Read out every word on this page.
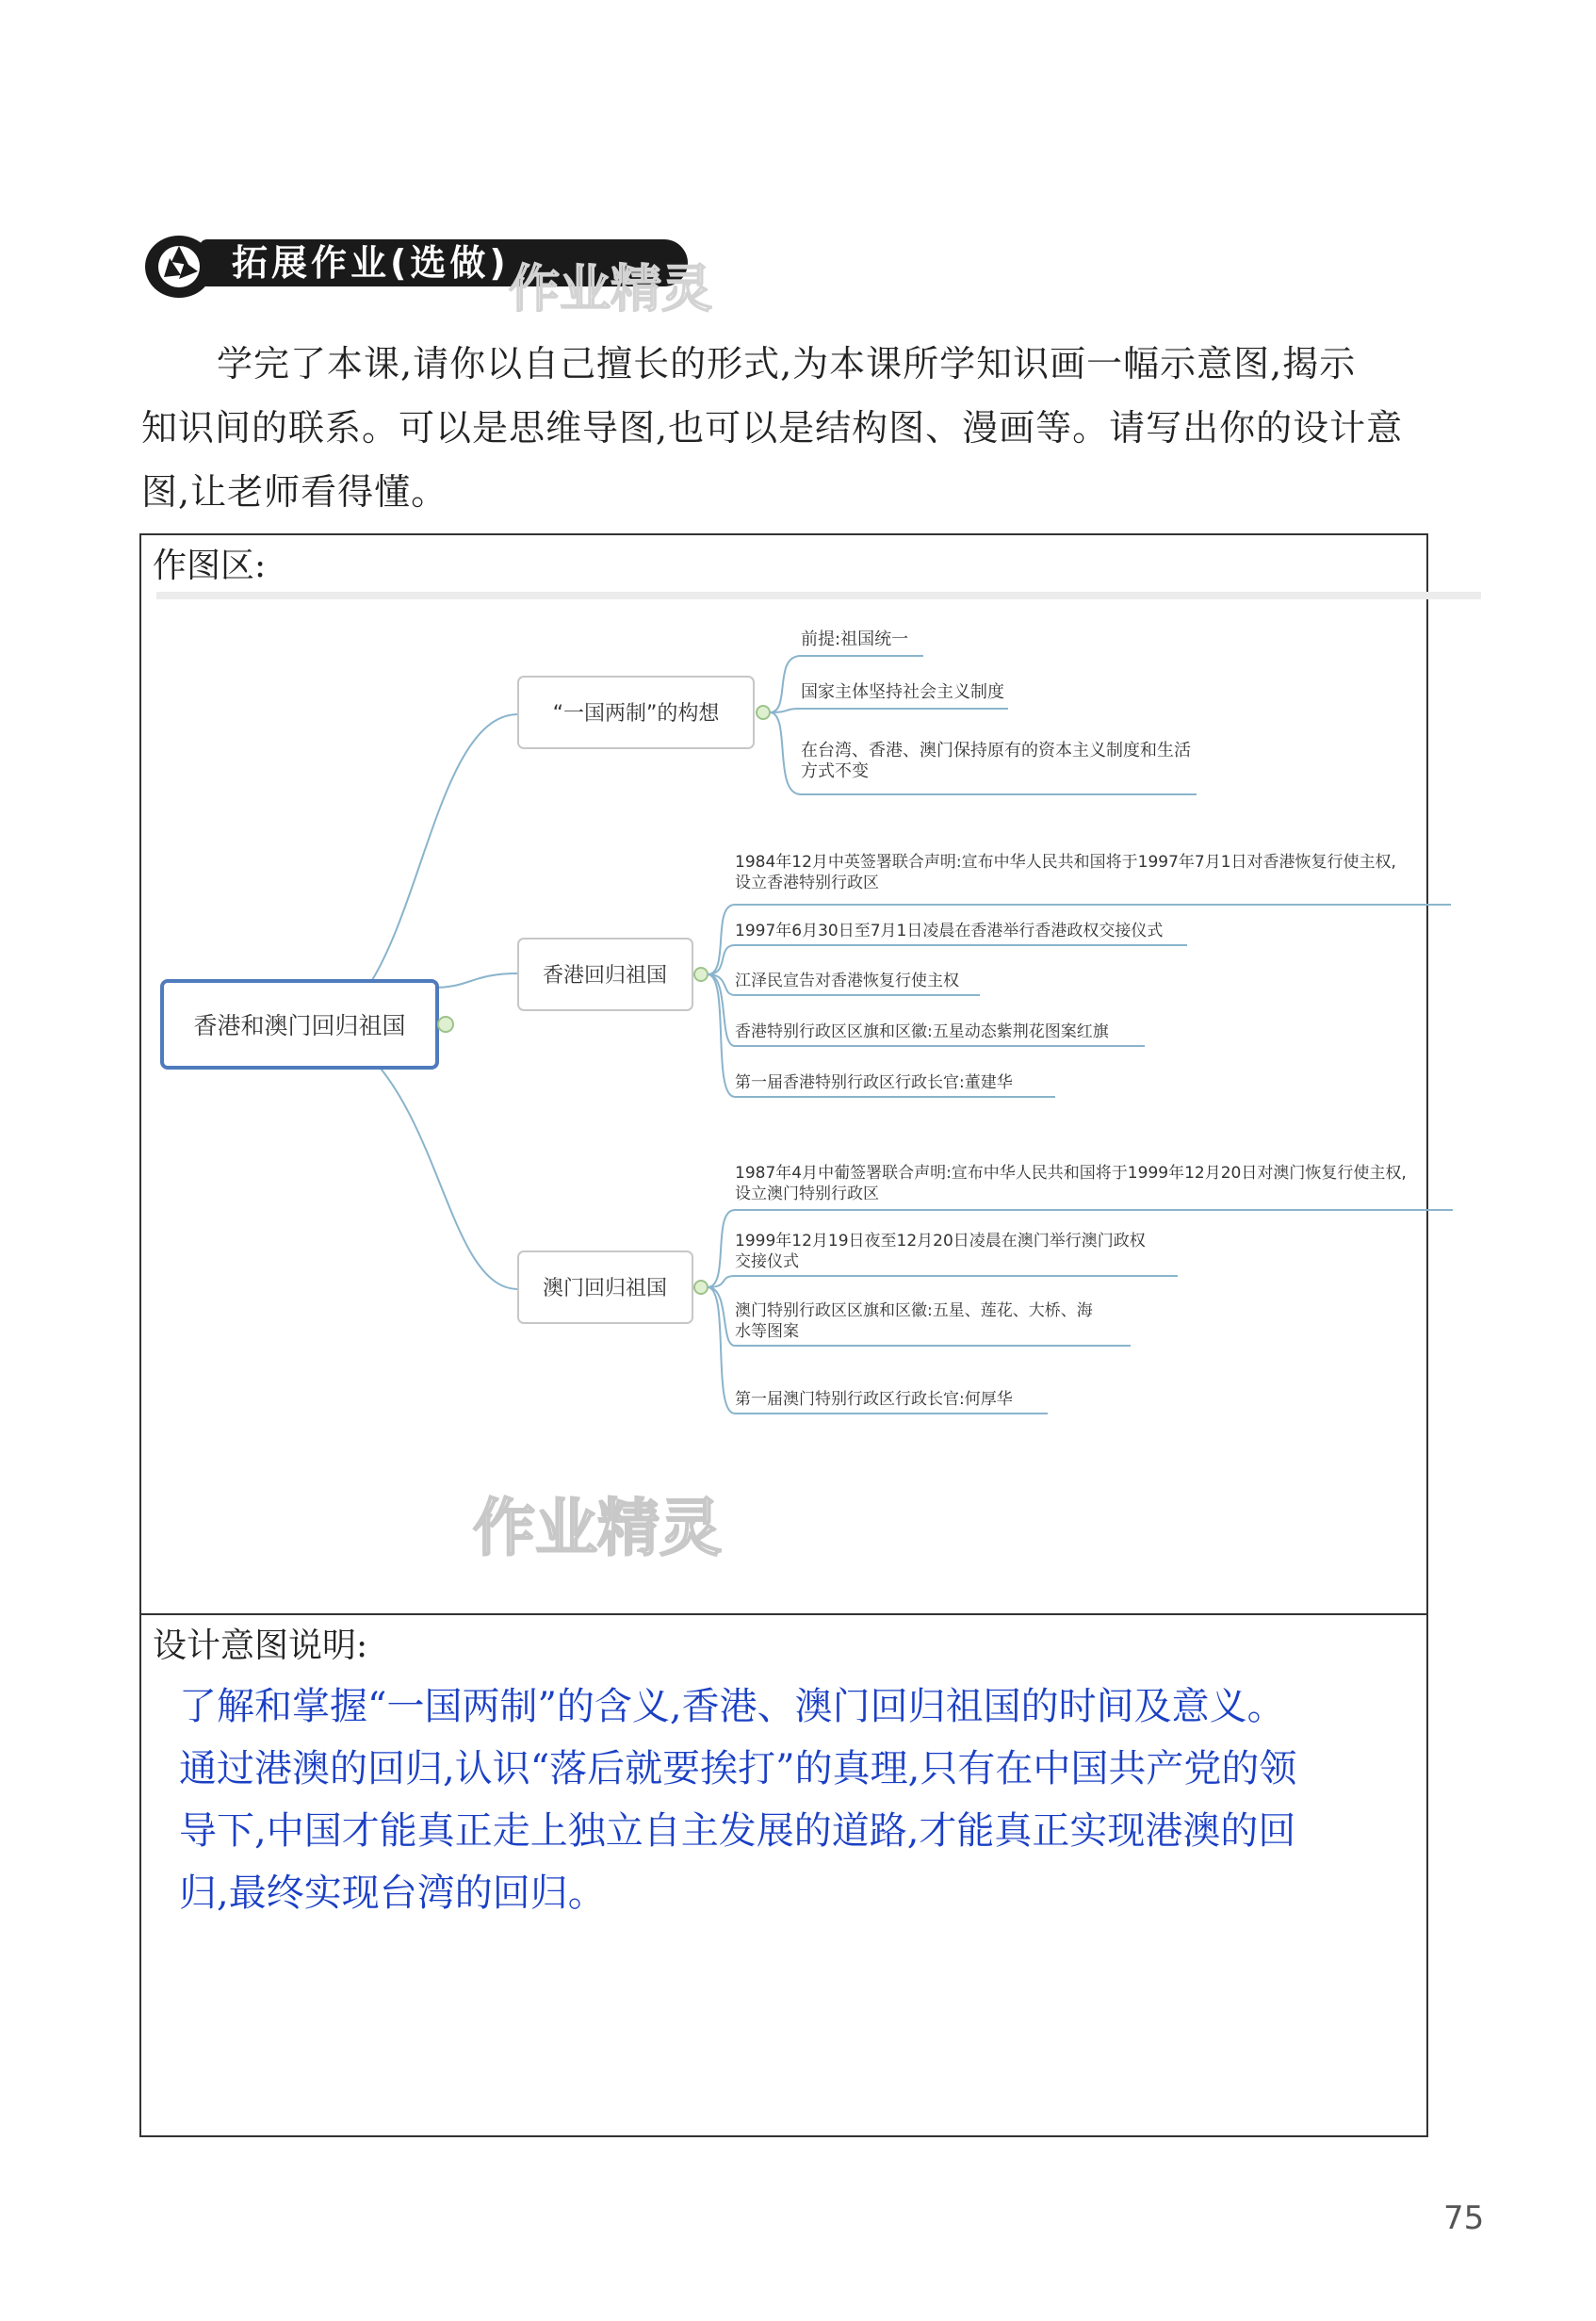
拓展作业(选做) 作业精灵

学完了本课,请你以自己擅长的形式,为本课所学知识画一幅示意图,揭示

知识间的联系。可以是思维导图,也可以是结构图、漫画等。请写出你的设计意

图,让老师看得懂。

作图区:
香港和澳门回归祖国
“一国两制”的构想
前提:祖国统一
国家主体坚持社会主义制度
在台湾、香港、澳门保持原有的资本主义制度和生活
方式不变
香港回归祖国
1984年12月中英签署联合声明:宣布中华人民共和国将于1997年7月1日对香港恢复行使主权,
设立香港特别行政区
1997年6月30日至7月1日凌晨在香港举行香港政权交接仪式
江泽民宣告对香港恢复行使主权
香港特别行政区区旗和区徽:五星动态紫荆花图案红旗
第一届香港特别行政区行政长官:董建华
澳门回归祖国
1987年4月中葡签署联合声明:宣布中华人民共和国将于1999年12月20日对澳门恢复行使主权,
设立澳门特别行政区
1999年12月19日夜至12月20日凌晨在澳门举行澳门政权
交接仪式
澳门特别行政区区旗和区徽:五星、莲花、大桥、海
水等图案
第一届澳门特别行政区行政长官:何厚华
作业精灵
设计意图说明:

了解和掌握“一国两制”的含义,香港、澳门回归祖国的时间及意义。

通过港澳的回归,认识“落后就要挨打”的真理,只有在中国共产党的领

导下,中国才能真正走上独立自主发展的道路,才能真正实现港澳的回

归,最终实现台湾的回归。

75
